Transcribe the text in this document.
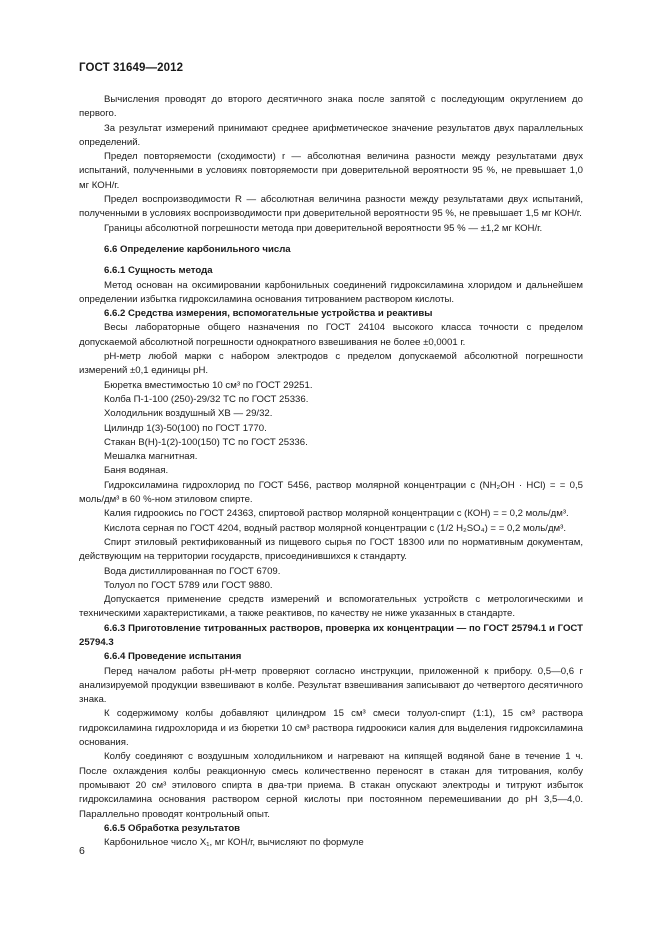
ГОСТ 31649—2012

Вычисления проводят до второго десятичного знака после запятой с последующим округлением до первого.

За результат измерений принимают среднее арифметическое значение результатов двух параллельных определений.

Предел повторяемости (сходимости) r — абсолютная величина разности между результатами двух испытаний, полученными в условиях повторяемости при доверительной вероятности 95 %, не превышает 1,0 мг КОН/г.

Предел воспроизводимости R — абсолютная величина разности между результатами двух испытаний, полученными в условиях воспроизводимости при доверительной вероятности 95 %, не превышает 1,5 мг КОН/г.

Границы абсолютной погрешности метода при доверительной вероятности 95 % — ±1,2 мг КОН/г.

6.6 Определение карбонильного числа

6.6.1 Сущность метода

Метод основан на оксимировании карбонильных соединений гидроксиламина хлоридом и дальнейшем определении избытка гидроксиламина основания титрованием раствором кислоты.

6.6.2 Средства измерения, вспомогательные устройства и реактивы

Весы лабораторные общего назначения по ГОСТ 24104 высокого класса точности с пределом допускаемой абсолютной погрешности однократного взвешивания не более ±0,0001 г.

рН-метр любой марки с набором электродов с пределом допускаемой абсолютной погрешности измерений ±0,1 единицы рН.

Бюретка вместимостью 10 см³ по ГОСТ 29251.

Колба П-1-100 (250)-29/32 ТС по ГОСТ 25336.

Холодильник воздушный ХВ — 29/32.

Цилиндр 1(3)-50(100) по ГОСТ 1770.

Стакан В(Н)-1(2)-100(150) ТС по ГОСТ 25336.

Мешалка магнитная.

Баня водяная.

Гидроксиламина гидрохлорид по ГОСТ 5456, раствор молярной концентрации c (NH₂OH · HCl) = = 0,5 моль/дм³ в 60 %-ном этиловом спирте.

Калия гидроокись по ГОСТ 24363, спиртовой раствор молярной концентрации c (КОН) = = 0,2 моль/дм³.

Кислота серная по ГОСТ 4204, водный раствор молярной концентрации c (1/2 H₂SO₄) = = 0,2 моль/дм³.

Спирт этиловый ректификованный из пищевого сырья по ГОСТ 18300 или по нормативным документам, действующим на территории государств, присоединившихся к стандарту.

Вода дистиллированная по ГОСТ 6709.

Толуол по ГОСТ 5789 или ГОСТ 9880.

Допускается применение средств измерений и вспомогательных устройств с метрологическими и техническими характеристиками, а также реактивов, по качеству не ниже указанных в стандарте.

6.6.3 Приготовление титрованных растворов, проверка их концентрации — по ГОСТ 25794.1 и ГОСТ 25794.3

6.6.4 Проведение испытания

Перед началом работы рН-метр проверяют согласно инструкции, приложенной к прибору. 0,5—0,6 г анализируемой продукции взвешивают в колбе. Результат взвешивания записывают до четвертого десятичного знака.

К содержимому колбы добавляют цилиндром 15 см³ смеси толуол-спирт (1:1), 15 см³ раствора гидроксиламина гидрохлорида и из бюретки 10 см³ раствора гидроокиси калия для выделения гидроксиламина основания.

Колбу соединяют с воздушным холодильником и нагревают на кипящей водяной бане в течение 1 ч. После охлаждения колбы реакционную смесь количественно переносят в стакан для титрования, колбу промывают 20 см³ этилового спирта в два-три приема. В стакан опускают электроды и титруют избыток гидроксиламина основания раствором серной кислоты при постоянном перемешивании до рН 3,5—4,0. Параллельно проводят контрольный опыт.

6.6.5 Обработка результатов

Карбонильное число X₁, мг КОН/г, вычисляют по формуле

6
